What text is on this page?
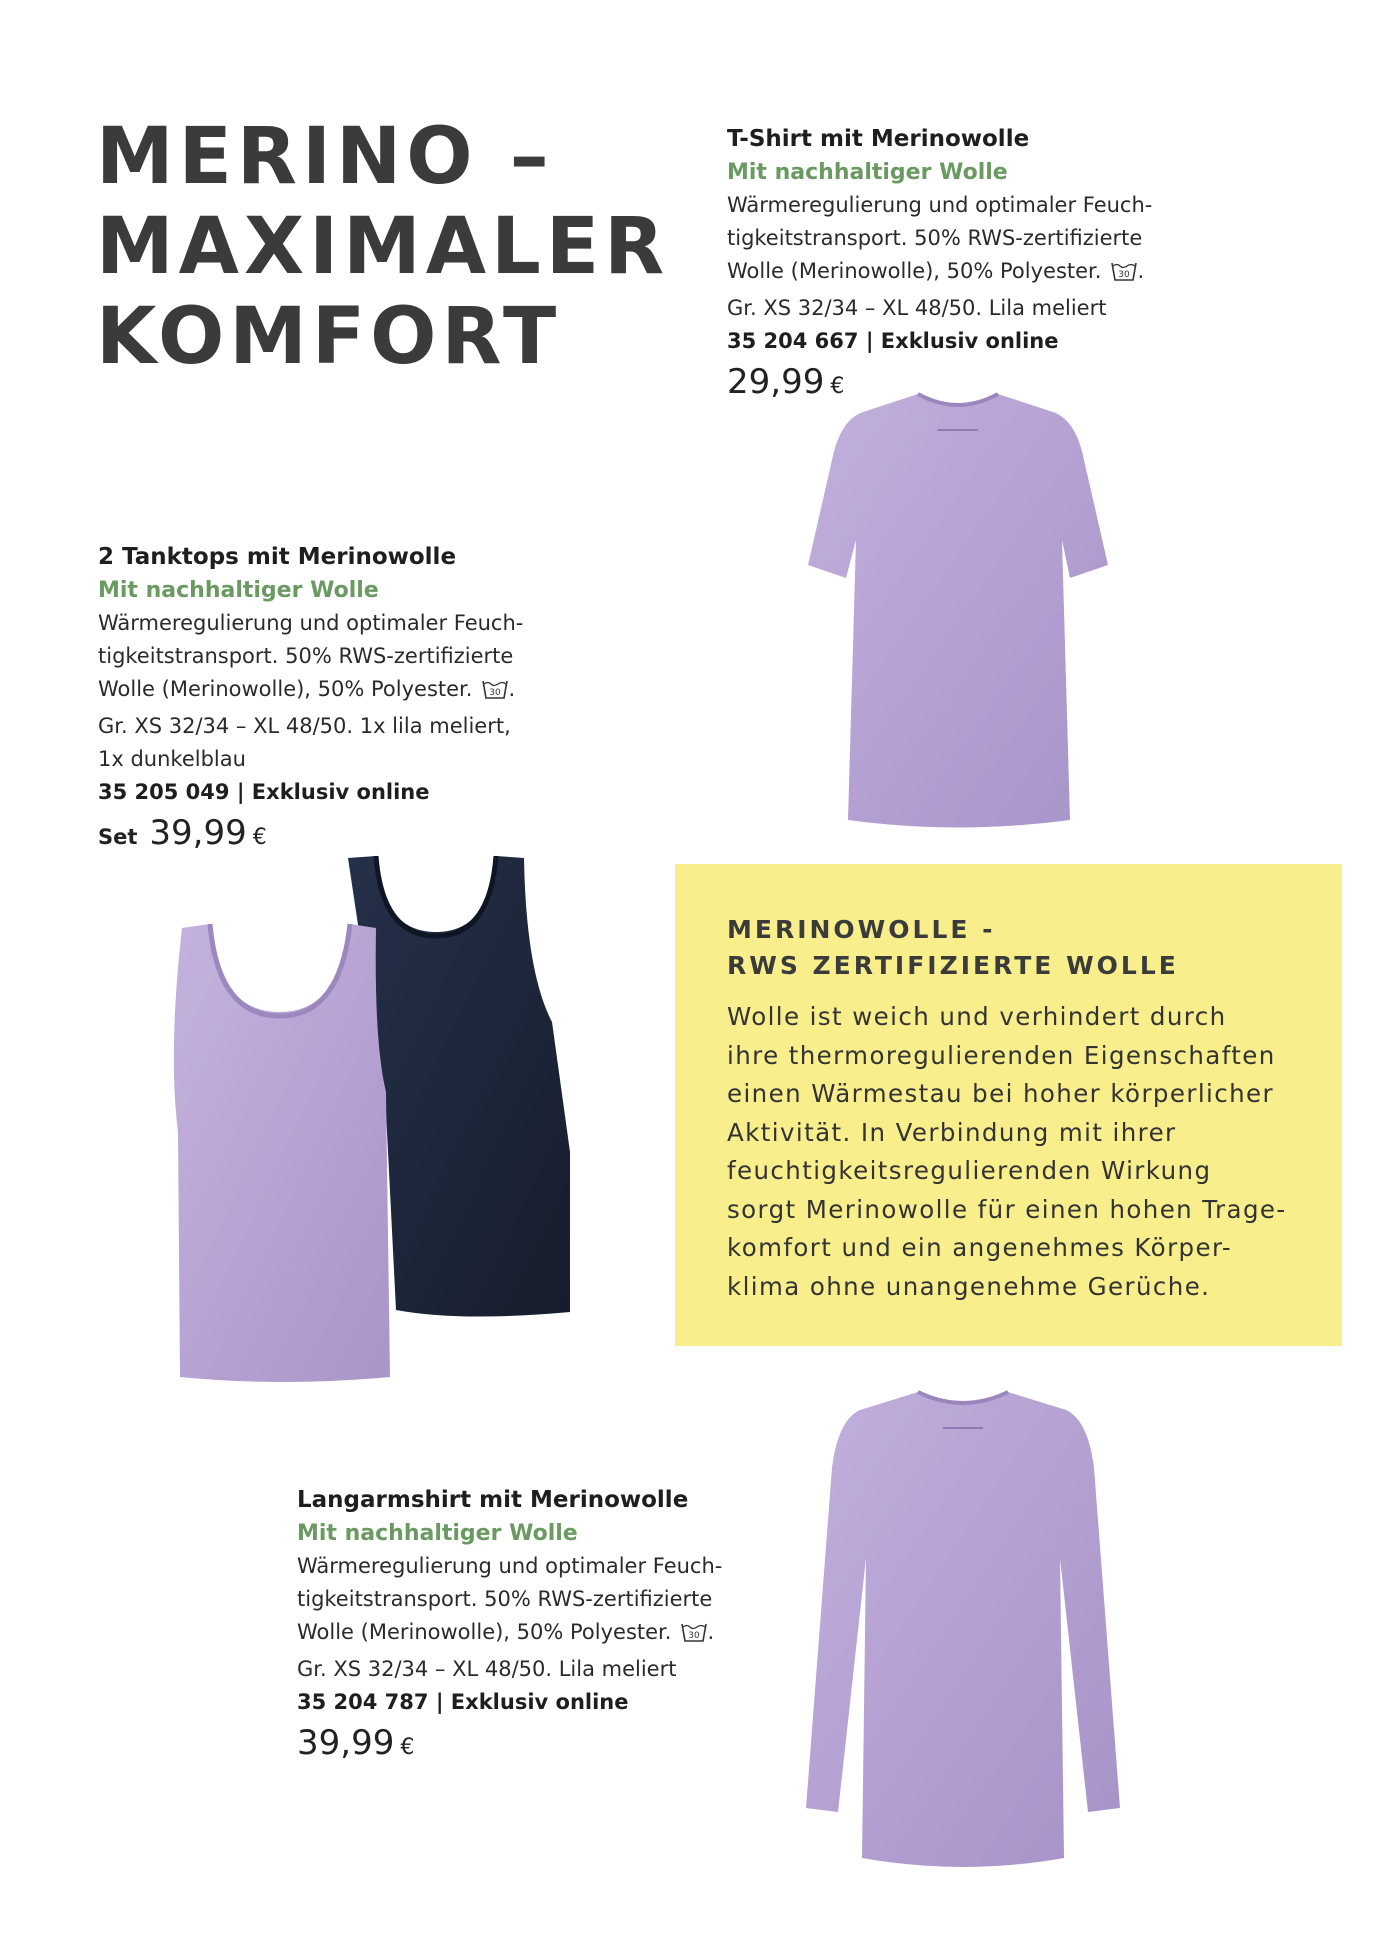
MERINO –
MAXIMALER
KOMFORT
T-Shirt mit Merinowolle
Mit nachhaltiger Wolle
Wärmeregulierung und optimaler Feuch-
tigkeitstransport. 50% RWS-zertifizierte
Wolle (Merinowolle), 50% Polyester. 30 .
Gr. XS 32/34 – XL 48/50. Lila meliert
35 204 667 | Exklusiv online
29,99 €
2 Tanktops mit Merinowolle
Mit nachhaltiger Wolle
Wärmeregulierung und optimaler Feuch-
tigkeitstransport. 50% RWS-zertifizierte
Wolle (Merinowolle), 50% Polyester. 30 .
Gr. XS 32/34 – XL 48/50. 1x lila meliert,
1x dunkelblau
35 205 049 | Exklusiv online
Set 39,99 €
MERINOWOLLE -
RWS ZERTIFIZIERTE WOLLE
Wolle ist weich und verhindert durch
ihre thermoregulierenden Eigenschaften
einen Wärmestau bei hoher körperlicher
Aktivität. In Verbindung mit ihrer
feuchtigkeitsregulierenden Wirkung
sorgt Merinowolle für einen hohen Trage-
komfort und ein angenehmes Körper-
klima ohne unangenehme Gerüche.
Langarmshirt mit Merinowolle
Mit nachhaltiger Wolle
Wärmeregulierung und optimaler Feuch-
tigkeitstransport. 50% RWS-zertifizierte
Wolle (Merinowolle), 50% Polyester. 30 .
Gr. XS 32/34 – XL 48/50. Lila meliert
35 204 787 | Exklusiv online
39,99 €
